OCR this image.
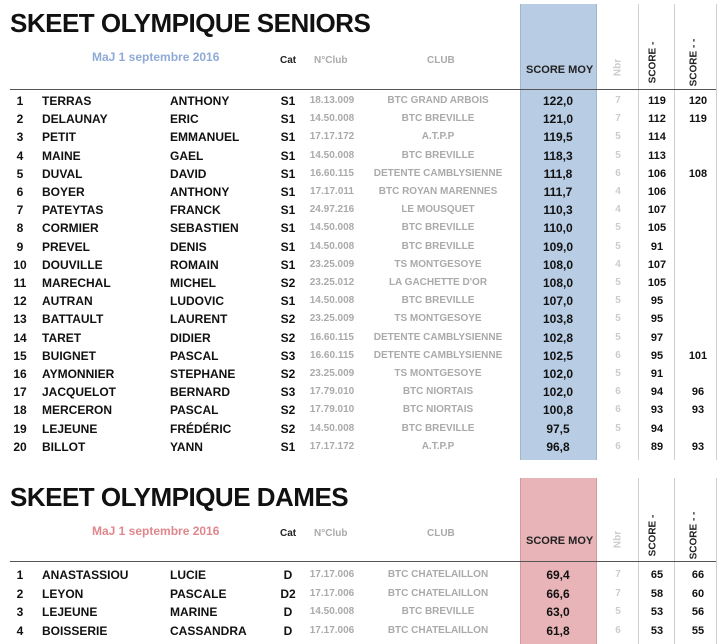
SKEET OLYMPIQUE SENIORS
MaJ 1 septembre 2016	Cat N°Club	CLUB
SCORE MOY Nbr SCORE -	SCORE - -
1	TERRAS	ANTHONY	S1	18.13.009	BTC GRAND ARBOIS	122,0	7	119	120
2	DELAUNAY	ERIC	S1	14.50.008	BTC BREVILLE	121,0	7	112	119
3	PETIT	EMMANUEL	S1	17.17.172	A.T.P.P	119,5	5	114
4	MAINE	GAEL	S1	14.50.008	BTC BREVILLE	118,3	5	113
5	DUVAL	DAVID	S1	16.60.115	DETENTE CAMBLYSIENNE	111,8	6	106	108
6	BOYER	ANTHONY	S1	17.17.011	BTC ROYAN MARENNES	111,7	4	106
7	PATEYTAS	FRANCK	S1	24.97.216	LE MOUSQUET	110,3	4	107
8	CORMIER	SEBASTIEN	S1	14.50.008	BTC BREVILLE	110,0	5	105
9	PREVEL	DENIS	S1	14.50.008	BTC BREVILLE	109,0	5	91
10 DOUVILLE	ROMAIN	S1	23.25.009	TS MONTGESOYE	108,0	4	107
11	MARECHAL	MICHEL	S2	23.25.012	LA GACHETTE D'OR	108,0	5	105
12 AUTRAN	LUDOVIC	S1	14.50.008	BTC BREVILLE	107,0	5	95
13 BATTAULT	LAURENT	S2	23.25.009	TS MONTGESOYE	103,8	5	95
14 TARET	DIDIER	S2	16.60.115	DETENTE CAMBLYSIENNE	102,8	5	97
15 BUIGNET	PASCAL	S3	16.60.115	DETENTE CAMBLYSIENNE	102,5	6	95	101
16 AYMONNIER	STEPHANE	S2	23.25.009	TS MONTGESOYE	102,0	5	91
17 JACQUELOT	BERNARD	S3	17.79.010	BTC NIORTAIS	102,0	6	94	96
18 MERCERON	PASCAL	S2	17.79.010	BTC NIORTAIS	100,8	6	93	93
19 LEJEUNE	FRÉDÉRIC	S2	14.50.008	BTC BREVILLE	97,5	5	94
20 BILLOT	YANN	S1	17.17.172	A.T.P.P	96,8	6	89	93
SKEET OLYMPIQUE DAMES
MaJ 1 septembre 2016	Cat N°Club	CLUB
SCORE MOY Nbr SCORE -	SCORE - -
1	ANASTASSIOU	LUCIE	D	17.17.006	BTC CHATELAILLON	69,4	7	65	66
2	LEYON	PASCALE	D2	17.17.006	BTC CHATELAILLON	66,6	7	58	60
3	LEJEUNE	MARINE	D	14.50.008	BTC BREVILLE	63,0	5	53	56
4	BOISSERIE	CASSANDRA	D	17.17.006	BTC CHATELAILLON	61,8	6	53	55
